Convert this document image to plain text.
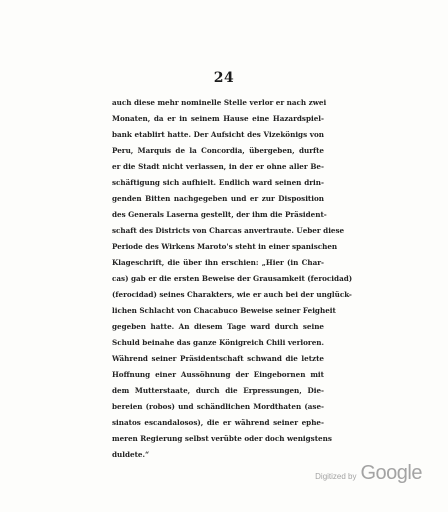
24
auch diese mehr nominelle Stelle verlor er nach zwei
Monaten, da er in seinem Hause eine Hazardspiel-
bank etablirt hatte. Der Aufsicht des Vizekönigs von
Peru, Marquis de la Concordia, übergeben, durfte
er die Stadt nicht verlassen, in der er ohne aller Be-
schäftigung sich aufhielt. Endlich ward seinen drin-
genden Bitten nachgegeben und er zur Disposition
des Generals Laserna gestellt, der ihm die Präsident-
schaft des Districts von Charcas anvertraute. Ueber diese
Periode des Wirkens Maroto's steht in einer spanischen
Klageschrift, die über ihn erschien: „Hier (in Char-
cas) gab er die ersten Beweise der Grausamkeit (ferocidad)
(ferocidad) seines Charakters, wie er auch bei der unglück-
lichen Schlacht von Chacabuco Beweise seiner Feigheit
gegeben hatte. An diesem Tage ward durch seine
Schuld beinahe das ganze Königreich Chili verloren.
Während seiner Präsidentschaft schwand die letzte
Hoffnung einer Aussöhnung der Eingebornen mit
dem Mutterstaate, durch die Erpressungen, Die-
bereien (robos) und schändlichen Mordthaten (ase-
sinatos escandalosos), die er während seiner ephe-
meren Regierung selbst verübte oder doch wenigstens
duldete.“
Digitized by Google
